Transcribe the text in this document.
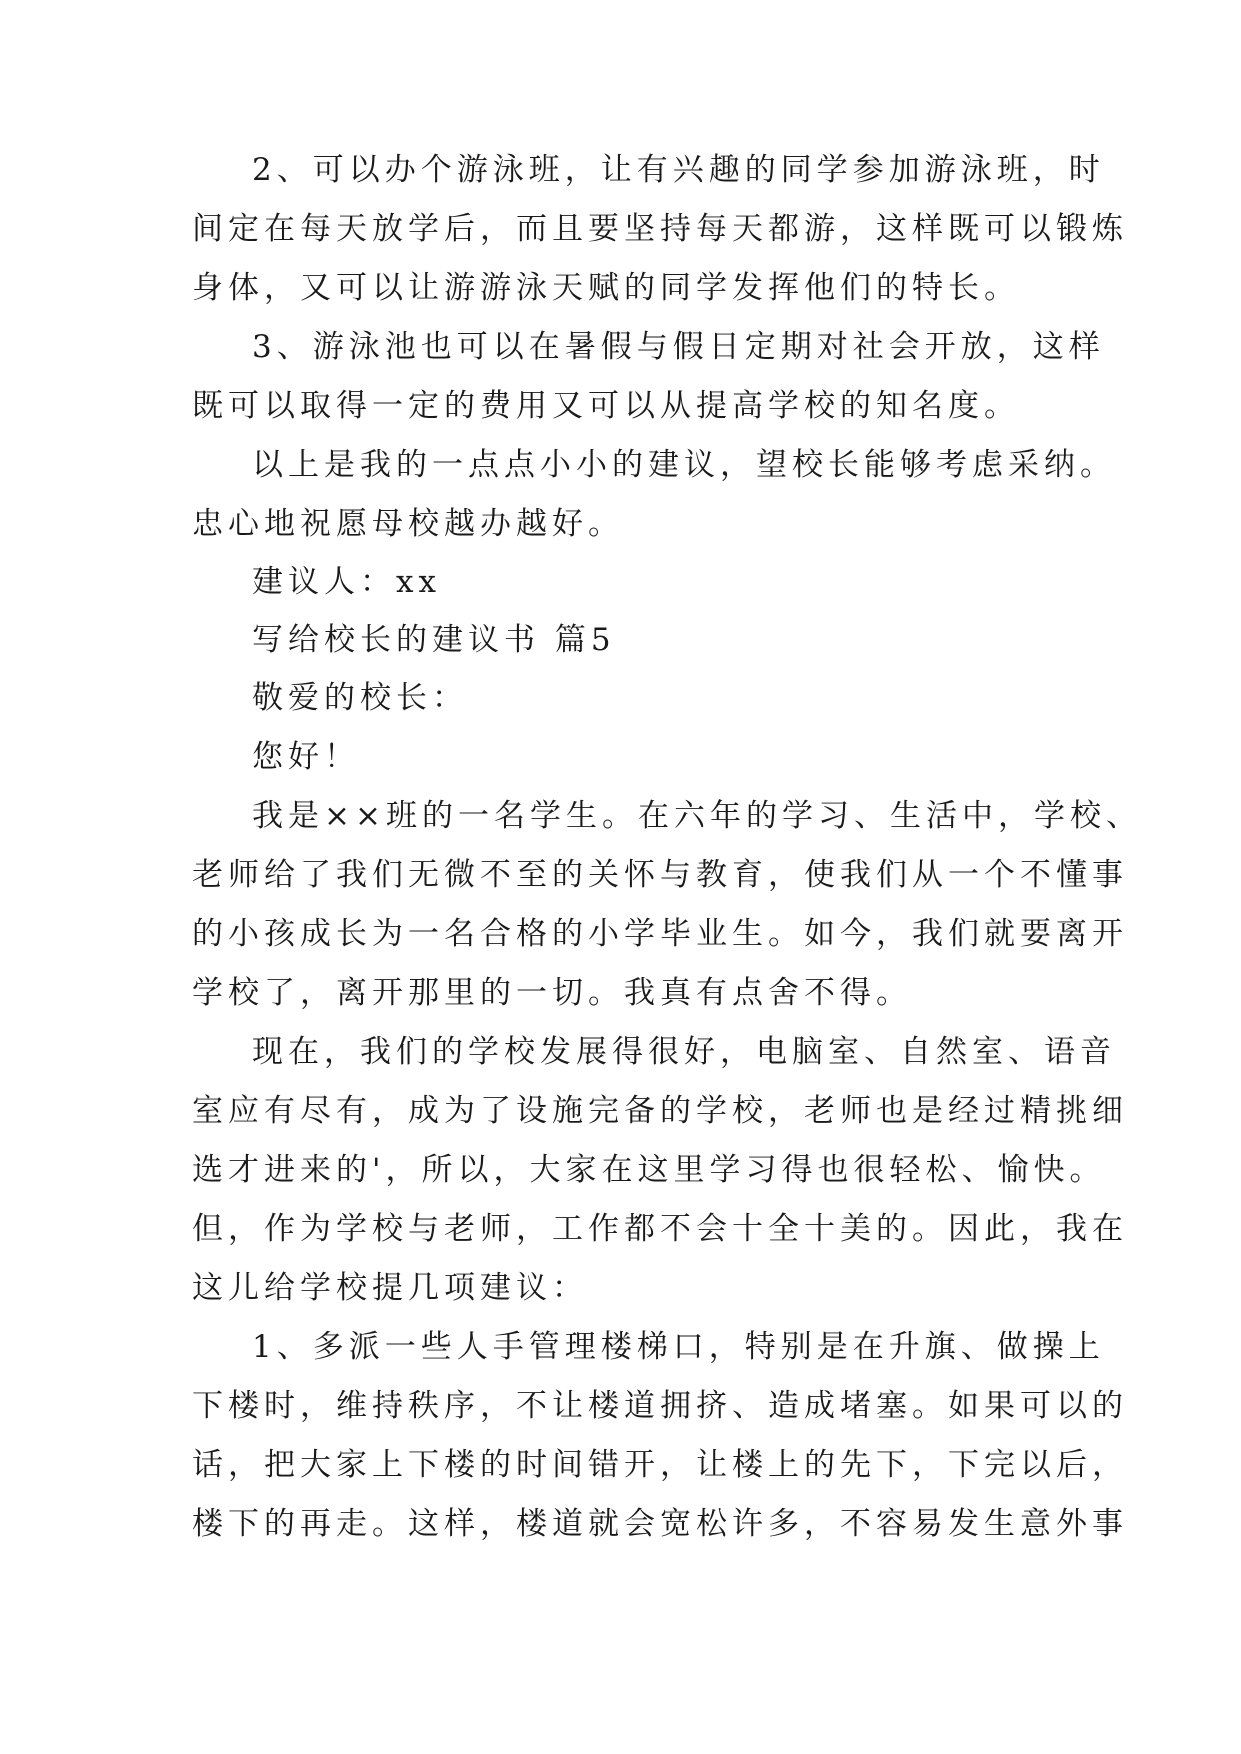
2、可以办个游泳班，让有兴趣的同学参加游泳班，时
间定在每天放学后，而且要坚持每天都游，这样既可以锻炼
身体，又可以让游游泳天赋的同学发挥他们的特长。
3、游泳池也可以在暑假与假日定期对社会开放，这样
既可以取得一定的费用又可以从提高学校的知名度。
以上是我的一点点小小的建议，望校长能够考虑采纳。
忠心地祝愿母校越办越好。
建议人：xx
写给校长的建议书 篇5
敬爱的校长：
您好！
我是××班的一名学生。在六年的学习、生活中，学校、
老师给了我们无微不至的关怀与教育，使我们从一个不懂事
的小孩成长为一名合格的小学毕业生。如今，我们就要离开
学校了，离开那里的一切。我真有点舍不得。
现在，我们的学校发展得很好，电脑室、自然室、语音
室应有尽有，成为了设施完备的学校，老师也是经过精挑细
选才进来的'，所以，大家在这里学习得也很轻松、愉快。
但，作为学校与老师，工作都不会十全十美的。因此，我在
这儿给学校提几项建议：
1、多派一些人手管理楼梯口，特别是在升旗、做操上
下楼时，维持秩序，不让楼道拥挤、造成堵塞。如果可以的
话，把大家上下楼的时间错开，让楼上的先下，下完以后，
楼下的再走。这样，楼道就会宽松许多，不容易发生意外事
